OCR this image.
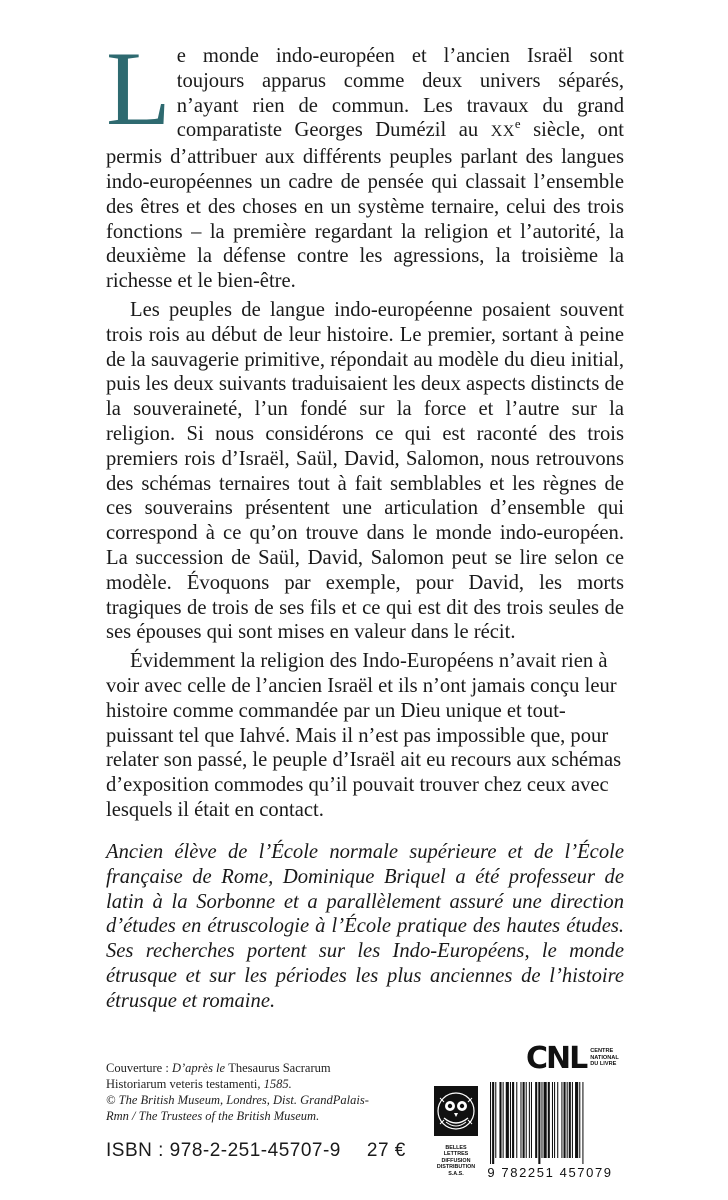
Le monde indo-européen et l’ancien Israël sont toujours apparus comme deux univers séparés, n’ayant rien de commun. Les travaux du grand comparatiste Georges Dumézil au XXe siècle, ont permis d’attribuer aux différents peuples parlant des langues indo-européennes un cadre de pensée qui classait l’ensemble des êtres et des choses en un système ternaire, celui des trois fonctions – la première regardant la religion et l’autorité, la deuxième la défense contre les agressions, la troisième la richesse et le bien-être.

Les peuples de langue indo-européenne posaient souvent trois rois au début de leur histoire. Le premier, sortant à peine de la sauvagerie primitive, répondait au modèle du dieu initial, puis les deux suivants traduisaient les deux aspects distincts de la souveraineté, l’un fondé sur la force et l’autre sur la religion. Si nous considérons ce qui est raconté des trois premiers rois d’Israël, Saül, David, Salomon, nous retrouvons des schémas ternaires tout à fait semblables et les règnes de ces souverains présentent une articulation d’ensemble qui correspond à ce qu’on trouve dans le monde indo-européen. La succession de Saül, David, Salomon peut se lire selon ce modèle. Évoquons par exemple, pour David, les morts tragiques de trois de ses fils et ce qui est dit des trois seules de ses épouses qui sont mises en valeur dans le récit.

Évidemment la religion des Indo-Européens n’avait rien à voir avec celle de l’ancien Israël et ils n’ont jamais conçu leur histoire comme commandée par un Dieu unique et tout-puissant tel que Iahvé. Mais il n’est pas impossible que, pour relater son passé, le peuple d’Israël ait eu recours aux schémas d’exposition commodes qu’il pouvait trouver chez ceux avec lesquels il était en contact.

Ancien élève de l’École normale supérieure et de l’École française de Rome, Dominique Briquel a été professeur de latin à la Sorbonne et a parallèlement assuré une direction d’études en étruscologie à l’École pratique des hautes études. Ses recherches portent sur les Indo-Européens, le monde étrusque et sur les périodes les plus anciennes de l’histoire étrusque et romaine.

Couverture : D’après le Thesaurus Sacrarum
Historiarum veteris testamenti, 1585.
© The British Museum, Londres, Dist. GrandPalais-
Rmn / The Trustees of the British Museum.
ISBN : 978-2-251-45707-9 27 €
CNL CENTRE
NATIONAL
DU LIVRE
BELLES LETTRES
DIFFUSION
DISTRIBUTION
S.A.S.	9 782251 457079
